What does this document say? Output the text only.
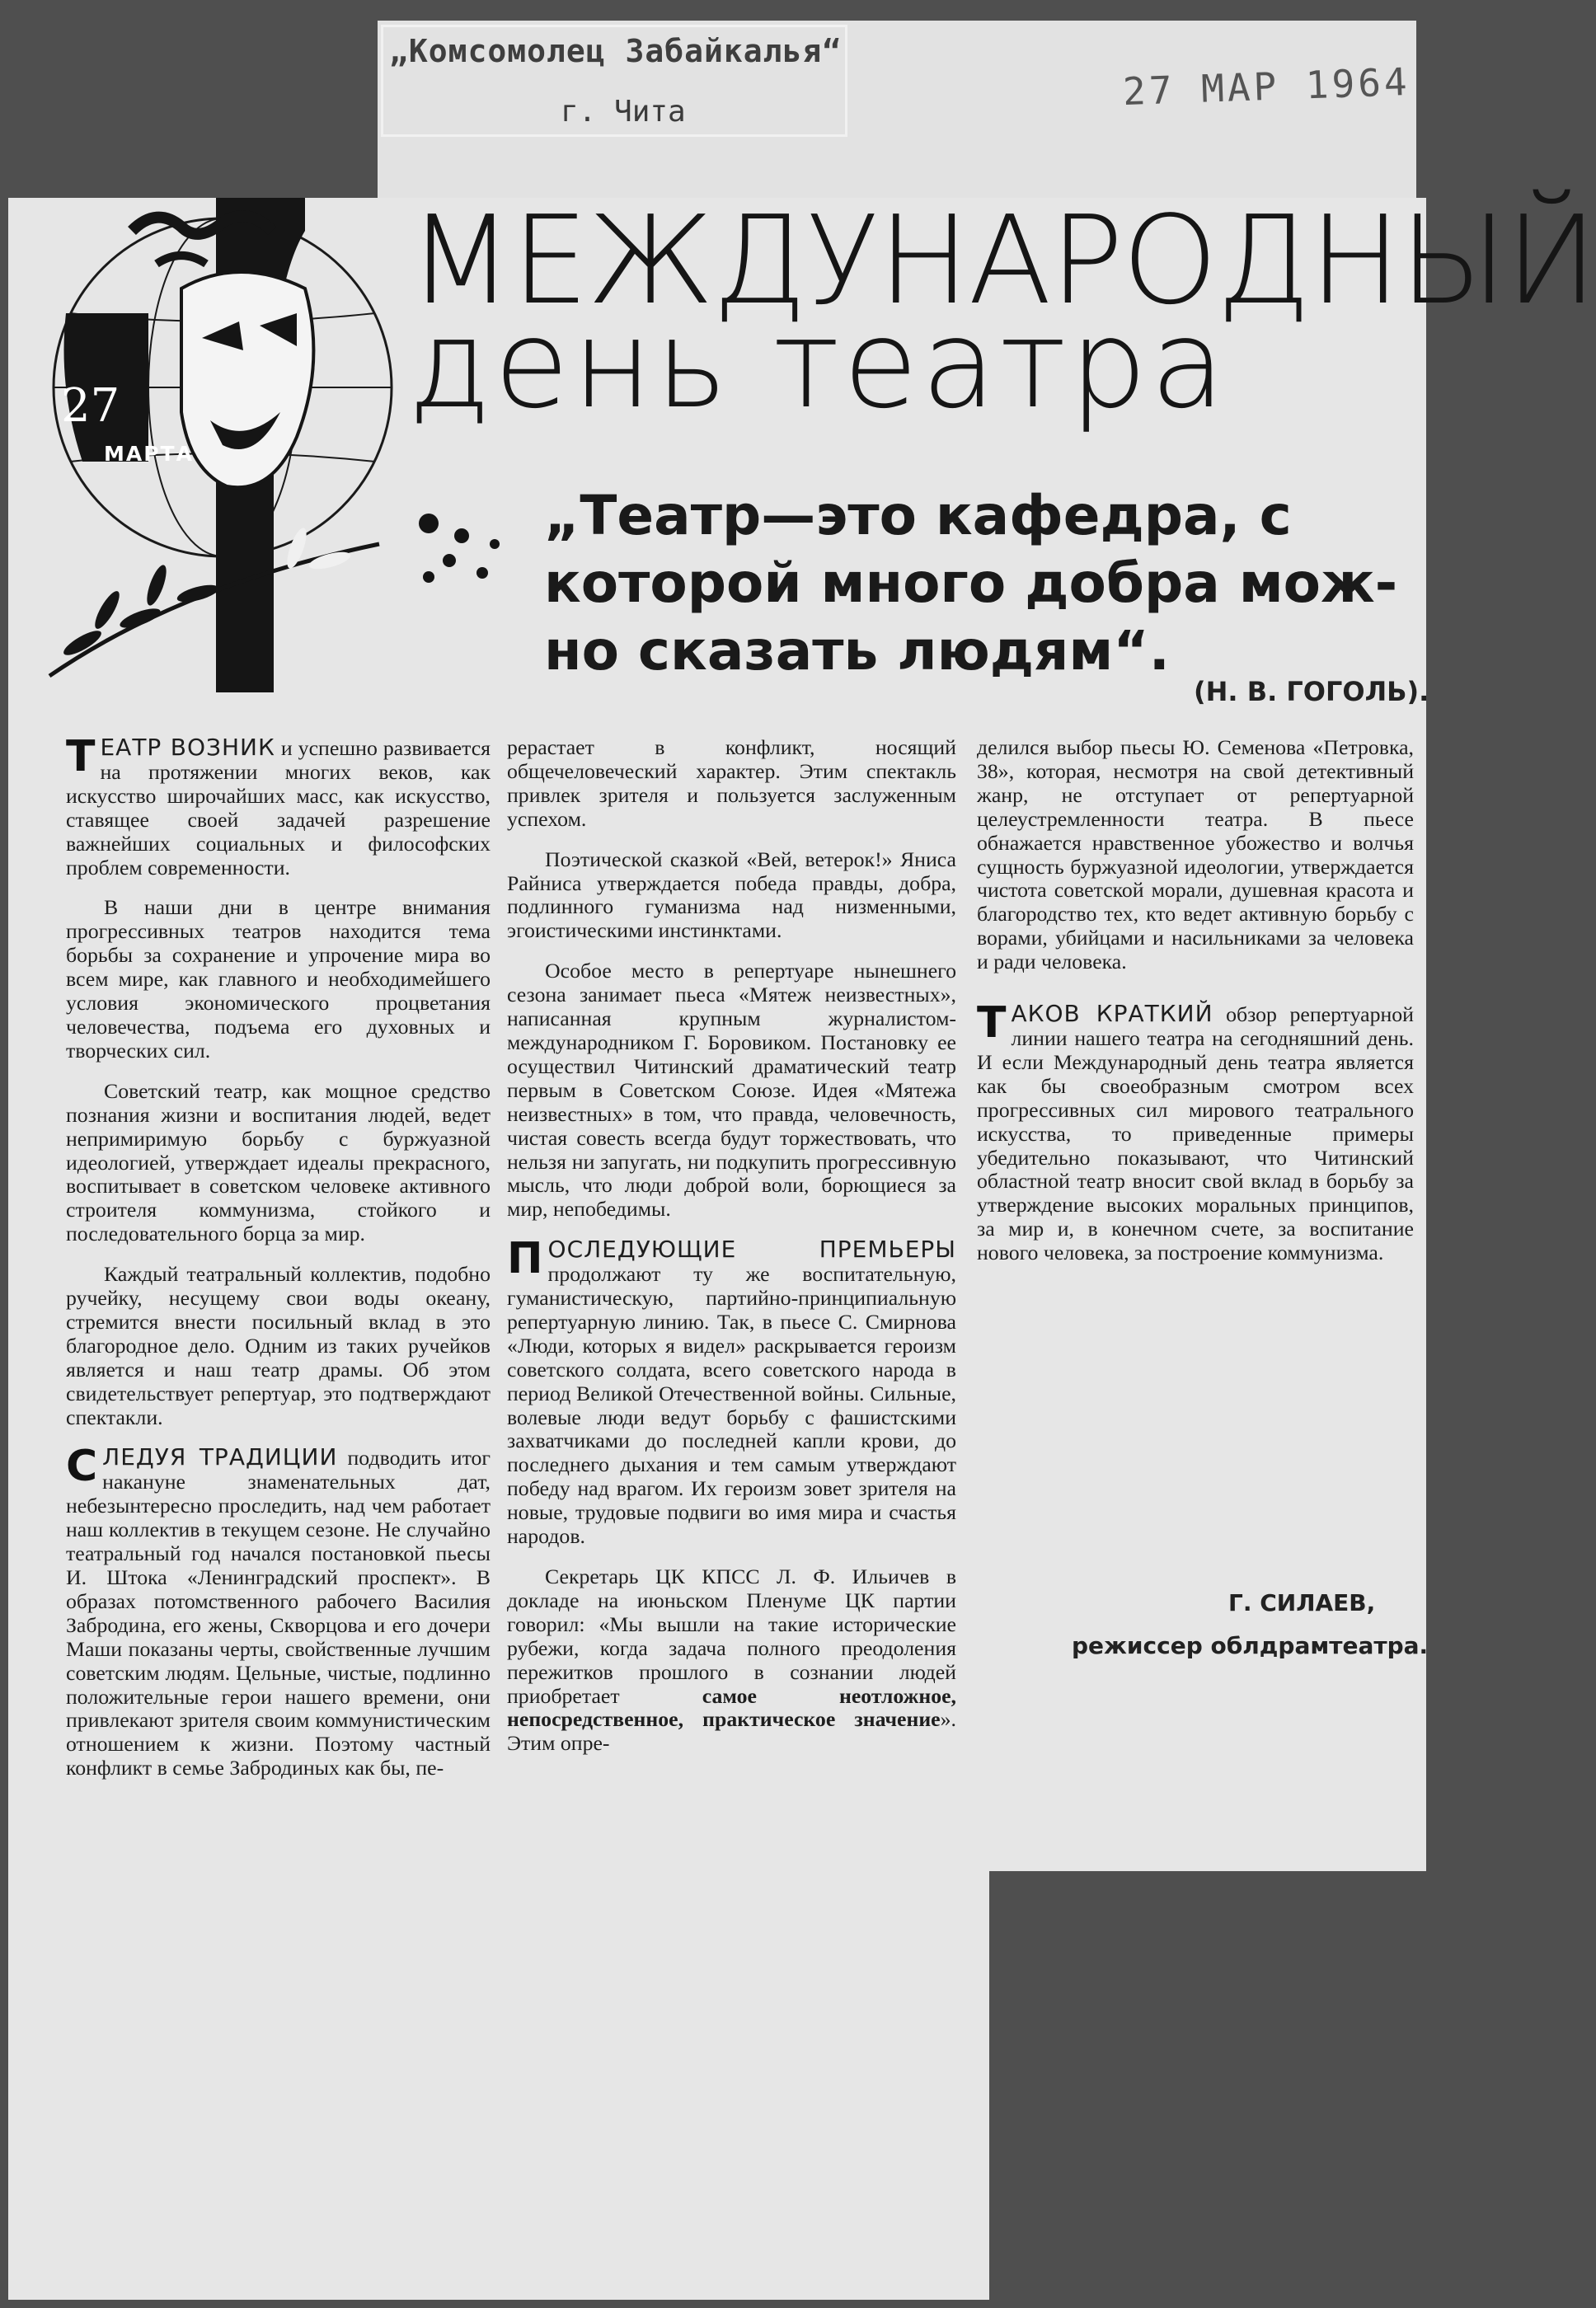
„Комсомолец Забайкалья“
г. Чита	27 МАР 1964
27
МАРТА
МЕЖДУНАРОДНЫЙ
день театра
„Театр—это кафедра, с
которой много добра мож-
но сказать людям“.
(Н. В. ГОГОЛЬ).

ТЕАТР ВОЗНИК и успешно развивается на протяжении многих веков, как искусство широчайших масс, как искусство, ставящее своей задачей разрешение важнейших социальных и философских проблем современности.

В наши дни в центре внимания прогрессивных театров находится тема борьбы за сохранение и упрочение мира во всем мире, как главного и необходимейшего условия экономического процветания человечества, подъема его духовных и творческих сил.

Советский театр, как мощное средство познания жизни и воспитания людей, ведет непримиримую борьбу с буржуазной идеологией, утверждает идеалы прекрасного, воспитывает в советском человеке активного строителя коммунизма, стойкого и последовательного борца за мир.

Каждый театральный коллектив, подобно ручейку, несущему свои воды океану, стремится внести посильный вклад в это благородное дело. Одним из таких ручейков является и наш театр драмы. Об этом свидетельствует репертуар, это подтверждают спектакли.

СЛЕДУЯ ТРАДИЦИИ подводить итог накануне знаменательных дат, небезынтересно проследить, над чем работает наш коллектив в текущем сезоне. Не случайно театральный год начался постановкой пьесы И. Штока «Ленинградский проспект». В образах потомственного рабочего Василия Забродина, его жены, Скворцова и его дочери Маши показаны черты, свойственные лучшим советским людям. Цельные, чистые, подлинно положительные герои нашего времени, они привлекают зрителя своим коммунистическим отношением к жизни. Поэтому частный конфликт в семье Забродиных как бы, пе-

рерастает в конфликт, носящий общечеловеческий характер. Этим спектакль привлек зрителя и пользуется заслуженным успехом.

Поэтической сказкой «Вей, ветерок!» Яниса Райниса утверждается победа правды, добра, подлинного гуманизма над низменными, эгоистическими инстинктами.

Особое место в репертуаре нынешнего сезона занимает пьеса «Мятеж неизвестных», написанная крупным журналистом-международником Г. Боровиком. Постановку ее осуществил Читинский драматический театр первым в Советском Союзе. Идея «Мятежа неизвестных» в том, что правда, человечность, чистая совесть всегда будут торжествовать, что нельзя ни запугать, ни подкупить прогрессивную мысль, что люди доброй воли, борющиеся за мир, непобедимы.

ПОСЛЕДУЮЩИЕ ПРЕМЬЕРЫ продолжают ту же воспитательную, гуманистическую, партийно-принципиальную репертуарную линию. Так, в пьесе С. Смирнова «Люди, которых я видел» раскрывается героизм советского солдата, всего советского народа в период Великой Отечественной войны. Сильные, волевые люди ведут борьбу с фашистскими захватчиками до последней капли крови, до последнего дыхания и тем самым утверждают победу над врагом. Их героизм зовет зрителя на новые, трудовые подвиги во имя мира и счастья народов.

Секретарь ЦК КПСС Л. Ф. Ильичев в докладе на июньском Пленуме ЦК партии говорил: «Мы вышли на такие исторические рубежи, когда задача полного преодоления пережитков прошлого в сознании людей приобретает самое неотложное, непосредственное, практическое значение». Этим опре-

делился выбор пьесы Ю. Семенова «Петровка, 38», которая, несмотря на свой детективный жанр, не отступает от репертуарной целеустремленности театра. В пьесе обнажается нравственное убожество и волчья сущность буржуазной идеологии, утверждается чистота советской морали, душевная красота и благородство тех, кто ведет активную борьбу с ворами, убийцами и насильниками за человека и ради человека.

ТАКОВ КРАТКИЙ обзор репертуарной линии нашего театра на сегодняшний день. И если Международный день театра является как бы своеобразным смотром всех прогрессивных сил мирового театрального искусства, то приведенные примеры убедительно показывают, что Читинский областной театр вносит свой вклад в борьбу за утверждение высоких моральных принципов, за мир и, в конечном счете, за воспитание нового человека, за построение коммунизма.

Г. СИЛАЕВ,
режиссер облдрамтеатра.
